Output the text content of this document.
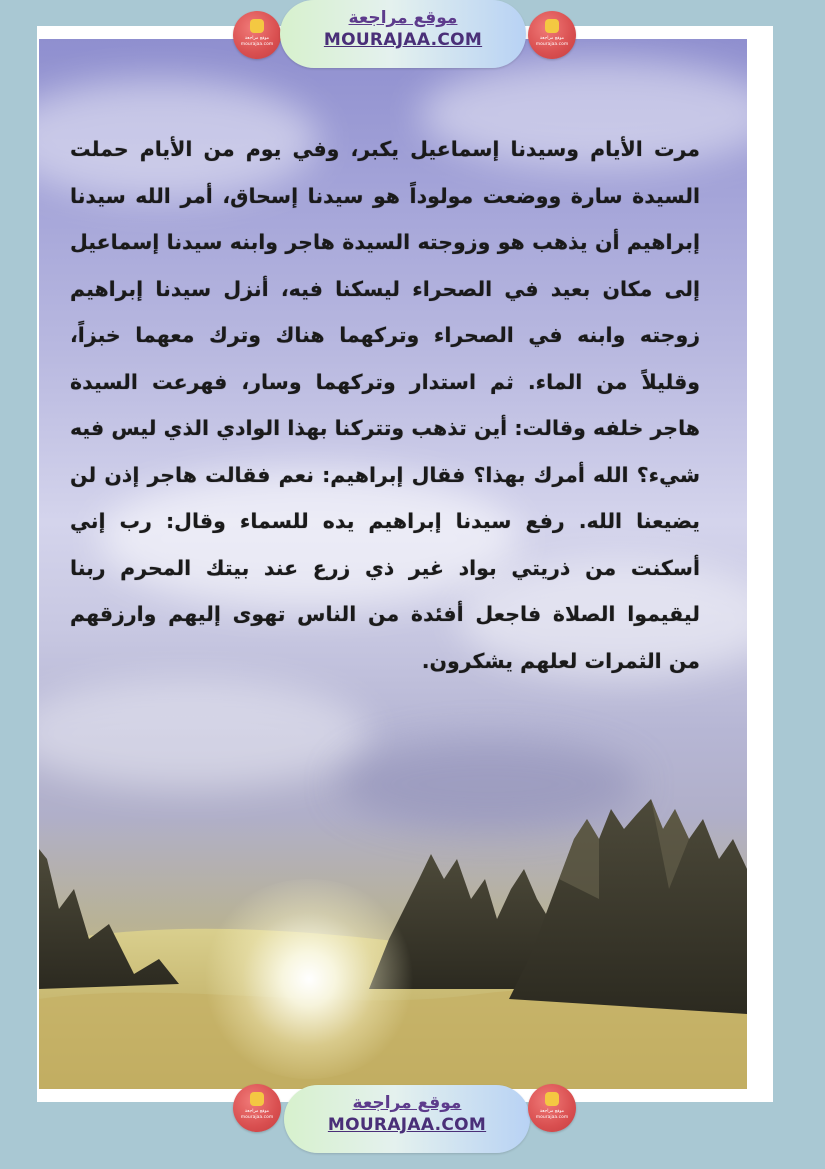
مرت الأيام وسيدنا إسماعيل يكبر، وفي يوم من الأيام حملت السيدة سارة ووضعت مولوداً هو سيدنا إسحاق، أمر الله سيدنا إبراهيم أن يذهب هو وزوجته السيدة هاجر وابنه سيدنا إسماعيل إلى مكان بعيد في الصحراء ليسكنا فيه، أنزل سيدنا إبراهيم زوجته وابنه في الصحراء وتركهما هناك وترك معهما خبزاً، وقليلاً من الماء. ثم استدار وتركهما وسار، فهرعت السيدة هاجر خلفه وقالت: أين تذهب وتتركنا بهذا الوادي الذي ليس فيه شيء؟ الله أمرك بهذا؟ فقال إبراهيم: نعم فقالت هاجر إذن لن يضيعنا الله. رفع سيدنا إبراهيم يده للسماء وقال: رب إني أسكنت من ذريتي بواد غير ذي زرع عند بيتك المحرم ربنا ليقيموا الصلاة فاجعل أفئدة من الناس تهوى إليهم وارزقهم من الثمرات لعلهم يشكرون.
موقع مراجعة
mourajaa.com
موقع مراجعة
MOURAJAA.COM	موقع مراجعة
mourajaa.com
موقع مراجعة
mourajaa.com
موقع مراجعة
MOURAJAA.COM
موقع مراجعة
mourajaa.com
